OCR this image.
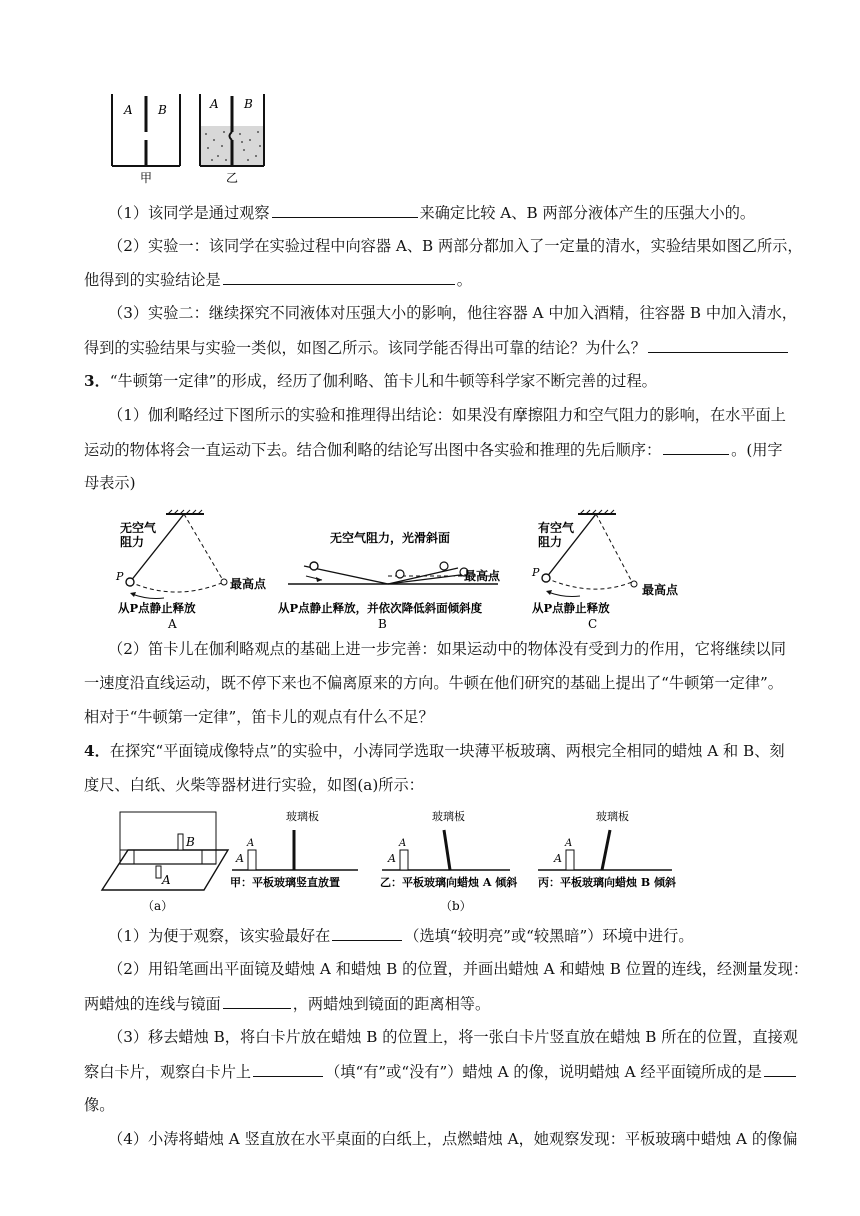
A B
甲
A B
乙
（1）该同学是通过观察	来确定比较 A、B 两部分液体产生的压强大小的。
（2）实验一：该同学在实验过程中向容器 A、B 两部分都加入了一定量的清水，实验结果如图乙所示，
他得到的实验结论是	。
（3）实验二：继续探究不同液体对压强大小的影响，他往容器 A 中加入酒精，往容器 B 中加入清水，
得到的实验结果与实验一类似，如图乙所示。该同学能否得出可靠的结论？为什么？
3．“牛顿第一定律”的形成，经历了伽利略、笛卡儿和牛顿等科学家不断完善的过程。
（1）伽利略经过下图所示的实验和推理得出结论：如果没有摩擦阻力和空气阻力的影响，在水平面上
运动的物体将会一直运动下去。结合伽利略的结论写出图中各实验和推理的先后顺序：	。(用字
母表示)
无空气
阻力
P
最高点
从P点静止释放
A
无空气阻力，光滑斜面
最高点
从P点静止释放，并依次降低斜面倾斜度
B
有空气
阻力
P
最高点
从P点静止释放
C
（2）笛卡儿在伽利略观点的基础上进一步完善：如果运动中的物体没有受到力的作用，它将继续以同
一速度沿直线运动，既不停下来也不偏离原来的方向。牛顿在他们研究的基础上提出了“牛顿第一定律”。
相对于“牛顿第一定律”，笛卡儿的观点有什么不足？
4．在探究“平面镜成像特点”的实验中，小涛同学选取一块薄平板玻璃、两根完全相同的蜡烛 A 和 B、刻
度尺、白纸、火柴等器材进行实验，如图(a)所示：
B
A
（a）
玻璃板
A
A
甲：平板玻璃竖直放置
玻璃板
A
A
乙：平板玻璃向蜡烛 A 倾斜
（b）
玻璃板
A
A
丙：平板玻璃向蜡烛 B 倾斜
（1）为便于观察，该实验最好在	（选填“较明亮”或“较黑暗”）环境中进行。
（2）用铅笔画出平面镜及蜡烛 A 和蜡烛 B 的位置，并画出蜡烛 A 和蜡烛 B 位置的连线，经测量发现：
两蜡烛的连线与镜面	，两蜡烛到镜面的距离相等。
（3）移去蜡烛 B，将白卡片放在蜡烛 B 的位置上，将一张白卡片竖直放在蜡烛 B 所在的位置，直接观
察白卡片，观察白卡片上	（填“有”或“没有”）蜡烛 A 的像，说明蜡烛 A 经平面镜所成的是
像。
（4）小涛将蜡烛 A 竖直放在水平桌面的白纸上，点燃蜡烛 A，她观察发现：平板玻璃中蜡烛 A 的像偏
